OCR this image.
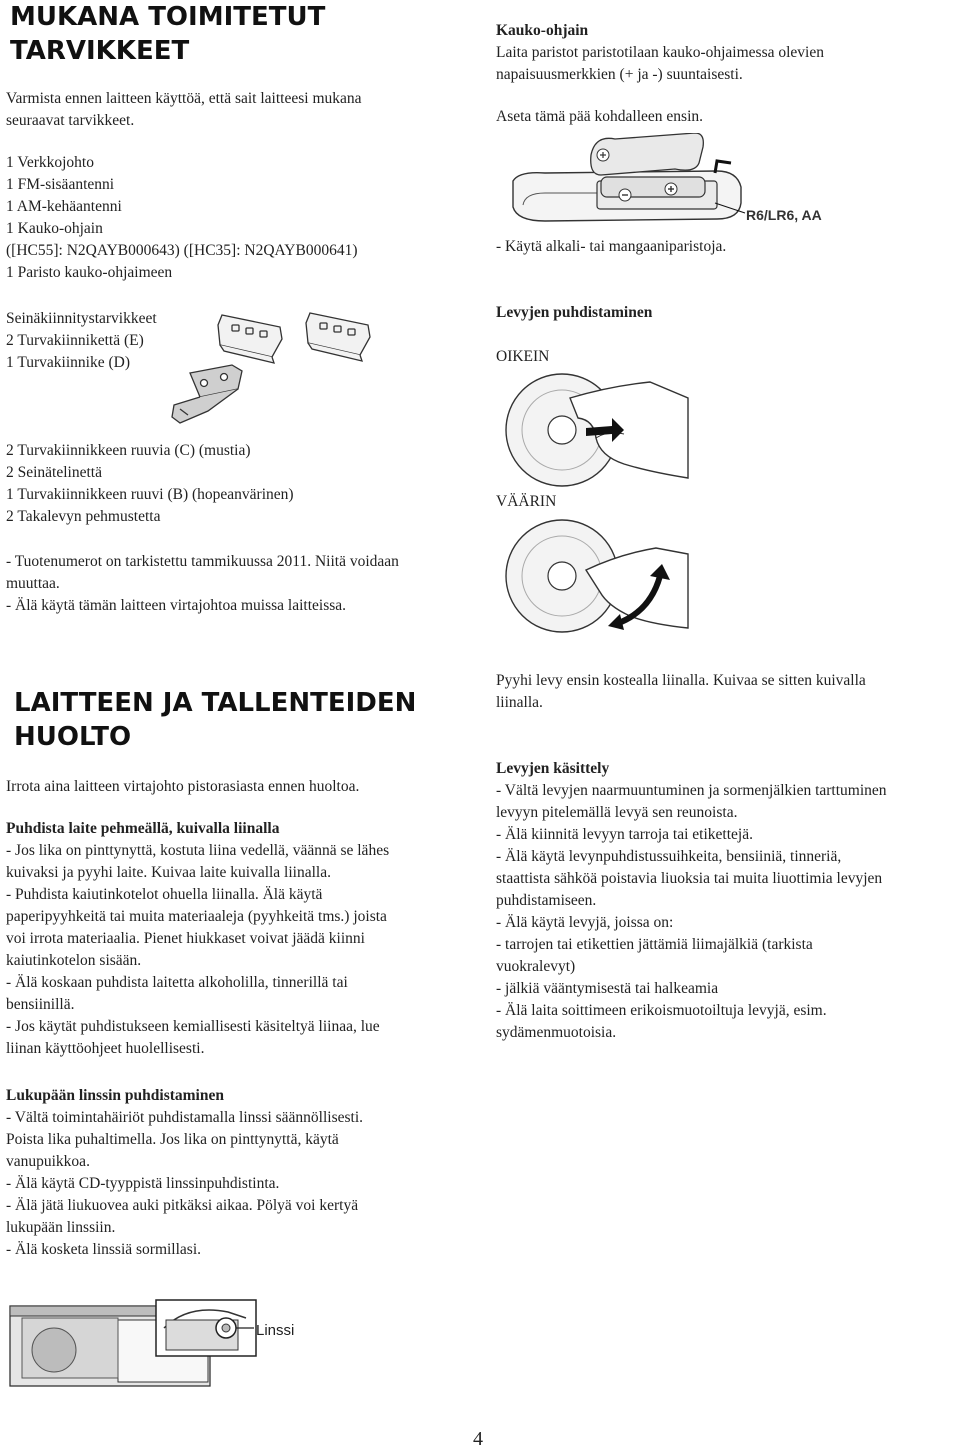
MUKANA TOIMITETUT
TARVIKKEET

Varmista ennen laitteen käyttöä, että sait laitteesi mukana

seuraavat tarvikkeet.

1 Verkkojohto

1 FM-sisäantenni

1 AM-kehäantenni

1 Kauko-ohjain

([HC55]: N2QAYB000643) ([HC35]: N2QAYB000641)

1 Paristo kauko-ohjaimeen

Seinäkiinnitystarvikkeet

2 Turvakiinnikettä (E)

1 Turvakiinnike (D)

2 Turvakiinnikkeen ruuvia (C) (mustia)

2 Seinätelinettä

1 Turvakiinnikkeen ruuvi (B) (hopeanvärinen)

2 Takalevyn pehmustetta

- Tuotenumerot on tarkistettu tammikuussa 2011. Niitä voidaan

muuttaa.

- Älä käytä tämän laitteen virtajohtoa muissa laitteissa.

LAITTEEN JA TALLENTEIDEN
HUOLTO

Irrota aina laitteen virtajohto pistorasiasta ennen huoltoa.

Puhdista laite pehmeällä, kuivalla liinalla

- Jos lika on pinttynyttä, kostuta liina vedellä, väännä se lähes

kuivaksi ja pyyhi laite. Kuivaa laite kuivalla liinalla.

- Puhdista kaiutinkotelot ohuella liinalla. Älä käytä

paperipyyhkeitä tai muita materiaaleja (pyyhkeitä tms.) joista

voi irrota materiaalia. Pienet hiukkaset voivat jäädä kiinni

kaiutinkotelon sisään.

- Älä koskaan puhdista laitetta alkoholilla, tinnerillä tai

bensiinillä.

- Jos käytät puhdistukseen kemiallisesti käsiteltyä liinaa, lue

liinan käyttöohjeet huolellisesti.

Lukupään linssin puhdistaminen

- Vältä toimintahäiriöt puhdistamalla linssi säännöllisesti.

Poista lika puhaltimella. Jos lika on pinttynyttä, käytä

vanupuikkoa.

- Älä käytä CD-tyyppistä linssinpuhdistinta.

- Älä jätä liukuovea auki pitkäksi aikaa. Pölyä voi kertyä

lukupään linssiin.

- Älä kosketa linssiä sormillasi.

Linssi

Kauko-ohjain

Laita paristot paristotilaan kauko-ohjaimessa olevien

napaisuusmerkkien (+ ja -) suuntaisesti.

Aseta tämä pää kohdalleen ensin.

R6/LR6, AA

- Käytä alkali- tai mangaaniparistoja.

Levyjen puhdistaminen

OIKEIN

VÄÄRIN

Pyyhi levy ensin kostealla liinalla. Kuivaa se sitten kuivalla

liinalla.

Levyjen käsittely

- Vältä levyjen naarmuuntuminen ja sormenjälkien tarttuminen

levyyn pitelemällä levyä sen reunoista.

- Älä kiinnitä levyyn tarroja tai etikettejä.

- Älä käytä levynpuhdistussuihkeita, bensiiniä, tinneriä,

staattista sähköä poistavia liuoksia tai muita liuottimia levyjen

puhdistamiseen.

- Älä käytä levyjä, joissa on:

- tarrojen tai etikettien jättämiä liimajälkiä (tarkista

vuokralevyt)

- jälkiä vääntymisestä tai halkeamia

- Älä laita soittimeen erikoismuotoiltuja levyjä, esim.

sydämenmuotoisia.

4
